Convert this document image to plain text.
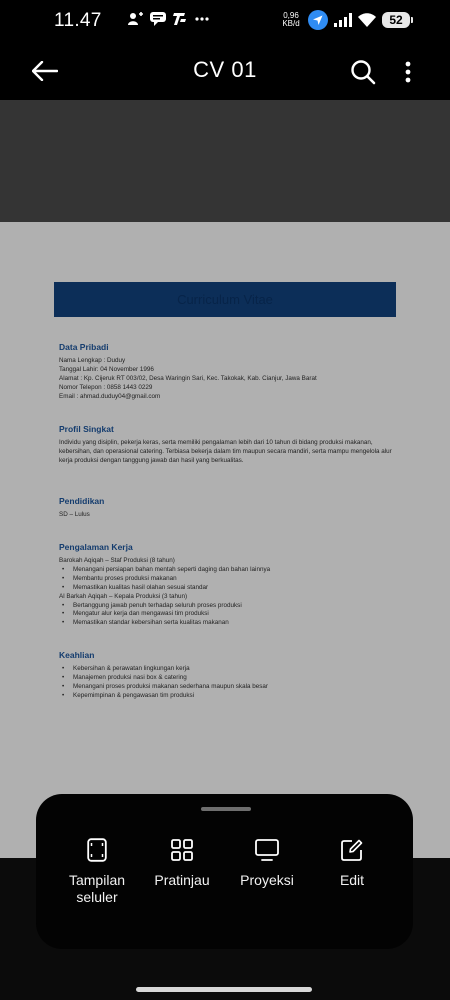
11.47	0,96
KB/d	52
CV 01
Curriculum Vitae
Data Pribadi
Nama Lengkap : Duduy
Tanggal Lahir: 04 November 1996
Alamat : Kp. Cijeruk RT 003/02, Desa Waringin Sari, Kec. Takokak, Kab. Cianjur, Jawa Barat
Nomor Telepon : 0858 1443 0229
Email : ahmad.duduy04@gmail.com
Profil Singkat
Individu yang disiplin, pekerja keras, serta memiliki pengalaman lebih dari 10 tahun di bidang produksi makanan, kebersihan, dan operasional catering. Terbiasa bekerja dalam tim maupun secara mandiri, serta mampu mengelola alur kerja produksi dengan tanggung jawab dan hasil yang berkualitas.
Pendidikan
SD – Lulus
Pengalaman Kerja
Barokah Aqiqah – Staf Produksi (8 tahun)
• Menangani persiapan bahan mentah seperti daging dan bahan lainnya
• Membantu proses produksi makanan
• Memastikan kualitas hasil olahan sesuai standar
Al Barkah Aqiqah – Kepala Produksi (3 tahun)
• Bertanggung jawab penuh terhadap seluruh proses produksi
• Mengatur alur kerja dan mengawasi tim produksi
• Memastikan standar kebersihan serta kualitas makanan
Keahlian
• Kebersihan & perawatan lingkungan kerja
• Manajemen produksi nasi box & catering
• Menangani proses produksi makanan sederhana maupun skala besar
• Kepemimpinan & pengawasan tim produksi
Tampilan seluler
Pratinjau Proyeksi	Edit
